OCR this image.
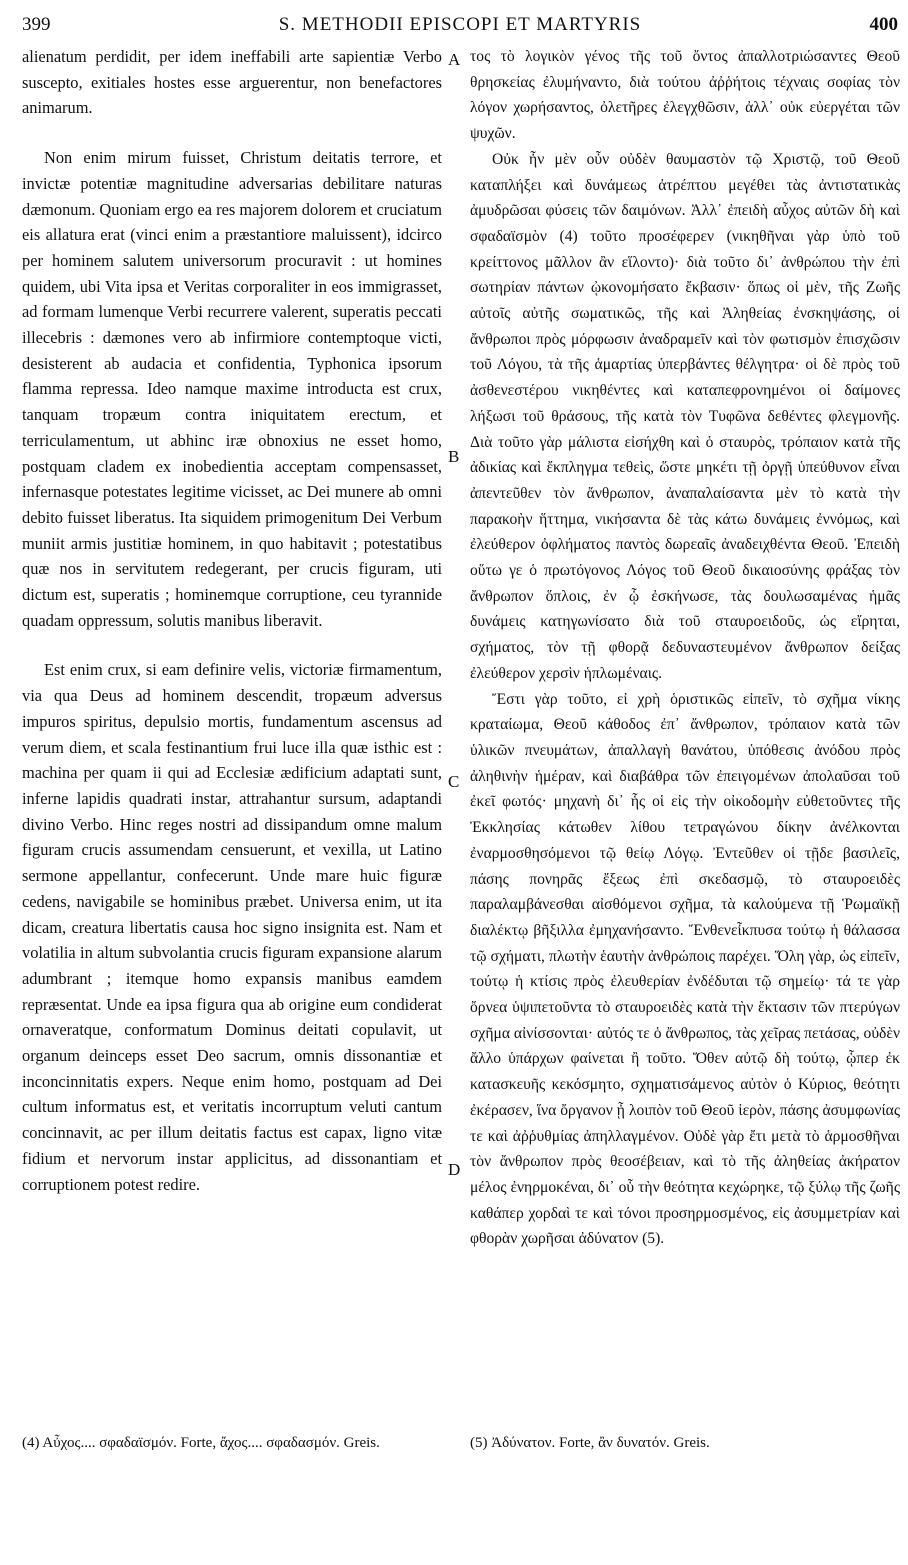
399	S. METHODII EPISCOPI ET MARTYRIS	400

alienatum perdidit, per idem ineffabili arte sapientiæ Verbo suscepto, exitiales hostes esse arguerentur, non benefactores animarum.

Non enim mirum fuisset, Christum deitatis terrore, et invictæ potentiæ magnitudine adversarias debilitare naturas dæmonum. Quoniam ergo ea res majorem dolorem et cruciatum eis allatura erat (vinci enim a præstantiore maluissent), idcirco per hominem salutem universorum procuravit : ut homines quidem, ubi Vita ipsa et Veritas corporaliter in eos immigrasset, ad formam lumenque Verbi recurrere valerent, superatis peccati illecebris : dæmones vero ab infirmiore contemptoque victi, desisterent ab audacia et confidentia, Typhonica ipsorum flamma repressa. Ideo namque maxime introducta est crux, tanquam tropæum contra iniquitatem erectum, et terriculamentum, ut abhinc iræ obnoxius ne esset homo, postquam cladem ex inobedientia acceptam compensasset, infernasque potestates legitime vicisset, ac Dei munere ab omni debito fuisset liberatus. Ita siquidem primogenitum Dei Verbum muniit armis justitiæ hominem, in quo habitavit ; potestatibus quæ nos in servitutem redegerant, per crucis figuram, uti dictum est, superatis ; hominemque corruptione, ceu tyrannide quadam oppressum, solutis manibus liberavit.

Est enim crux, si eam definire velis, victoriæ firmamentum, via qua Deus ad hominem descendit, tropæum adversus impuros spiritus, depulsio mortis, fundamentum ascensus ad verum diem, et scala festinantium frui luce illa quæ isthic est : machina per quam ii qui ad Ecclesiæ ædificium adaptati sunt, inferne lapidis quadrati instar, attrahantur sursum, adaptandi divino Verbo. Hinc reges nostri ad dissipandum omne malum figuram crucis assumendam censuerunt, et vexilla, ut Latino sermone appellantur, confecerunt. Unde mare huic figuræ cedens, navigabile se hominibus præbet. Universa enim, ut ita dicam, creatura libertatis causa hoc signo insignita est. Nam et volatilia in altum subvolantia crucis figuram expansione alarum adumbrant ; itemque homo expansis manibus eamdem repræsentat. Unde ea ipsa figura qua ab origine eum condiderat ornaveratque, conformatum Dominus deitati copulavit, ut organum deinceps esset Deo sacrum, omnis dissonantiæ et inconcinnitatis expers. Neque enim homo, postquam ad Dei cultum informatus est, et veritatis incorruptum veluti cantum concinnavit, ac per illum deitatis factus est capax, ligno vitæ fidium et nervorum instar applicitus, ad dissonantiam et corruptionem potest redire.

A
B
C
D

τος τὸ λογικὸν γένος τῆς τοῦ ὄντος ἀπαλλοτριώσαντες Θεοῦ θρησκείας ἐλυμήναντο, διὰ τούτου ἀῤῥήτοις τέχναις σοφίας τὸν λόγον χωρήσαντος, ὀλετῆρες ἐλεγχθῶσιν, ἀλλ᾽ οὐκ εὐεργέται τῶν ψυχῶν.

Οὐκ ἦν μὲν οὖν οὐδὲν θαυμαστὸν τῷ Χριστῷ, τοῦ Θεοῦ καταπλήξει καὶ δυνάμεως ἀτρέπτου μεγέθει τὰς ἀντιστατικὰς ἀμυδρῶσαι φύσεις τῶν δαιμόνων. Ἀλλ᾽ ἐπειδὴ αὖχος αὐτῶν δὴ καὶ σφαδαϊσμὸν (4) τοῦτο προσέφερεν (νικηθῆναι γὰρ ὑπὸ τοῦ κρείττονος μᾶλλον ἂν εἵλοντο)· διὰ τοῦτο δι᾽ ἀνθρώπου τὴν ἐπὶ σωτηρίαν πάντων ᾠκονομήσατο ἔκβασιν· ὅπως οἱ μὲν, τῆς Ζωῆς αὐτοῖς αὐτῆς σωματικῶς, τῆς καὶ Ἀληθείας ἐνσκηψάσης, οἱ ἄνθρωποι πρὸς μόρφωσιν ἀναδραμεῖν καὶ τὸν φωτισμὸν ἐπισχῶσιν τοῦ Λόγου, τὰ τῆς ἁμαρτίας ὑπερβάντες θέλγητρα· οἱ δὲ πρὸς τοῦ ἀσθενεστέρου νικηθέντες καὶ καταπεφρονημένοι οἱ δαίμονες λήξωσι τοῦ θράσους, τῆς κατὰ τὸν Τυφῶνα δεθέντες φλεγμονῆς. Διὰ τοῦτο γὰρ μάλιστα εἰσήχθη καὶ ὁ σταυρὸς, τρόπαιον κατὰ τῆς ἀδικίας καὶ ἔκπληγμα τεθεὶς, ὥστε μηκέτι τῇ ὀργῇ ὑπεύθυνον εἶναι ἀπεντεῦθεν τὸν ἄνθρωπον, ἀναπαλαίσαντα μὲν τὸ κατὰ τὴν παρακοὴν ἥττημα, νικήσαντα δὲ τὰς κάτω δυνάμεις ἐννόμως, καὶ ἐλεύθερον ὀφλήματος παντὸς δωρεαῖς ἀναδειχθέντα Θεοῦ. Ἐπειδὴ οὕτω γε ὁ πρωτόγονος Λόγος τοῦ Θεοῦ δικαιοσύνης φράξας τὸν ἄνθρωπον ὅπλοις, ἐν ᾧ ἐσκήνωσε, τὰς δουλωσαμένας ἡμᾶς δυνάμεις κατηγωνίσατο διὰ τοῦ σταυροειδοῦς, ὡς εἴρηται, σχήματος, τὸν τῇ φθορᾷ δεδυναστευμένον ἄνθρωπον δείξας ἐλεύθερον χερσὶν ἡπλωμέναις.

Ἔστι γὰρ τοῦτο, εἰ χρὴ ὁριστικῶς εἰπεῖν, τὸ σχῆμα νίκης κραταίωμα, Θεοῦ κάθοδος ἐπ᾽ ἄνθρωπον, τρόπαιον κατὰ τῶν ὑλικῶν πνευμάτων, ἀπαλλαγὴ θανάτου, ὑπόθεσις ἀνόδου πρὸς ἀληθινὴν ἡμέραν, καὶ διαβάθρα τῶν ἐπειγομένων ἀπολαῦσαι τοῦ ἐκεῖ φωτός· μηχανὴ δι᾽ ἧς οἱ εἰς τὴν οἰκοδομὴν εὐθετοῦντες τῆς Ἐκκλησίας κάτωθεν λίθου τετραγώνου δίκην ἀνέλκονται ἐναρμοσθησόμενοι τῷ θείῳ Λόγῳ. Ἐντεῦθεν οἱ τῇδε βασιλεῖς, πάσης πονηρᾶς ἔξεως ἐπὶ σκεδασμῷ, τὸ σταυροειδὲς παραλαμβάνεσθαι αἰσθόμενοι σχῆμα, τὰ καλούμενα τῇ Ῥωμαϊκῇ διαλέκτῳ βῆξιλλα ἐμηχανήσαντο. Ἔνθενεἶκπυσα τούτῳ ἡ θάλασσα τῷ σχήματι, πλωτὴν ἑαυτὴν ἀνθρώποις παρέχει. Ὅλη γὰρ, ὡς εἰπεῖν, τούτῳ ἡ κτίσις πρὸς ἐλευθερίαν ἐνδέδυται τῷ σημείῳ· τά τε γὰρ ὄρνεα ὑψιπετοῦντα τὸ σταυροειδὲς κατὰ τὴν ἔκτασιν τῶν πτερύγων σχῆμα αἰνίσσονται· αὐτός τε ὁ ἄνθρωπος, τὰς χεῖρας πετάσας, οὐδὲν ἄλλο ὑπάρχων φαίνεται ἢ τοῦτο. Ὅθεν αὐτῷ δὴ τούτῳ, ᾧπερ ἐκ κατασκευῆς κεκόσμητο, σχηματισάμενος αὐτὸν ὁ Κύριος, θεότητι ἐκέρασεν, ἵνα ὄργανον ᾖ λοιπὸν τοῦ Θεοῦ ἱερὸν, πάσης ἀσυμφωνίας τε καὶ ἀῤῥυθμίας ἀπηλλαγμένον. Οὐδὲ γὰρ ἔτι μετὰ τὸ ἁρμοσθῆναι τὸν ἄνθρωπον πρὸς θεοσέβειαν, καὶ τὸ τῆς ἀληθείας ἀκήρατον μέλος ἐνηρμοκέναι, δι᾽ οὗ τὴν θεότητα κεχώρηκε, τῷ ξύλῳ τῆς ζωῆς καθάπερ χορδαὶ τε καὶ τόνοι προσηρμοσμένος, εἰς ἀσυμμετρίαν καὶ φθορὰν χωρῆσαι ἀδύνατον (5).

(4) Αὖχος.... σφαδαϊσμόν. Forte, ἄχος.... σφαδασμόν. Greis.	(5) Ἀδύνατον. Forte, ἂν δυνατόν. Greis.
